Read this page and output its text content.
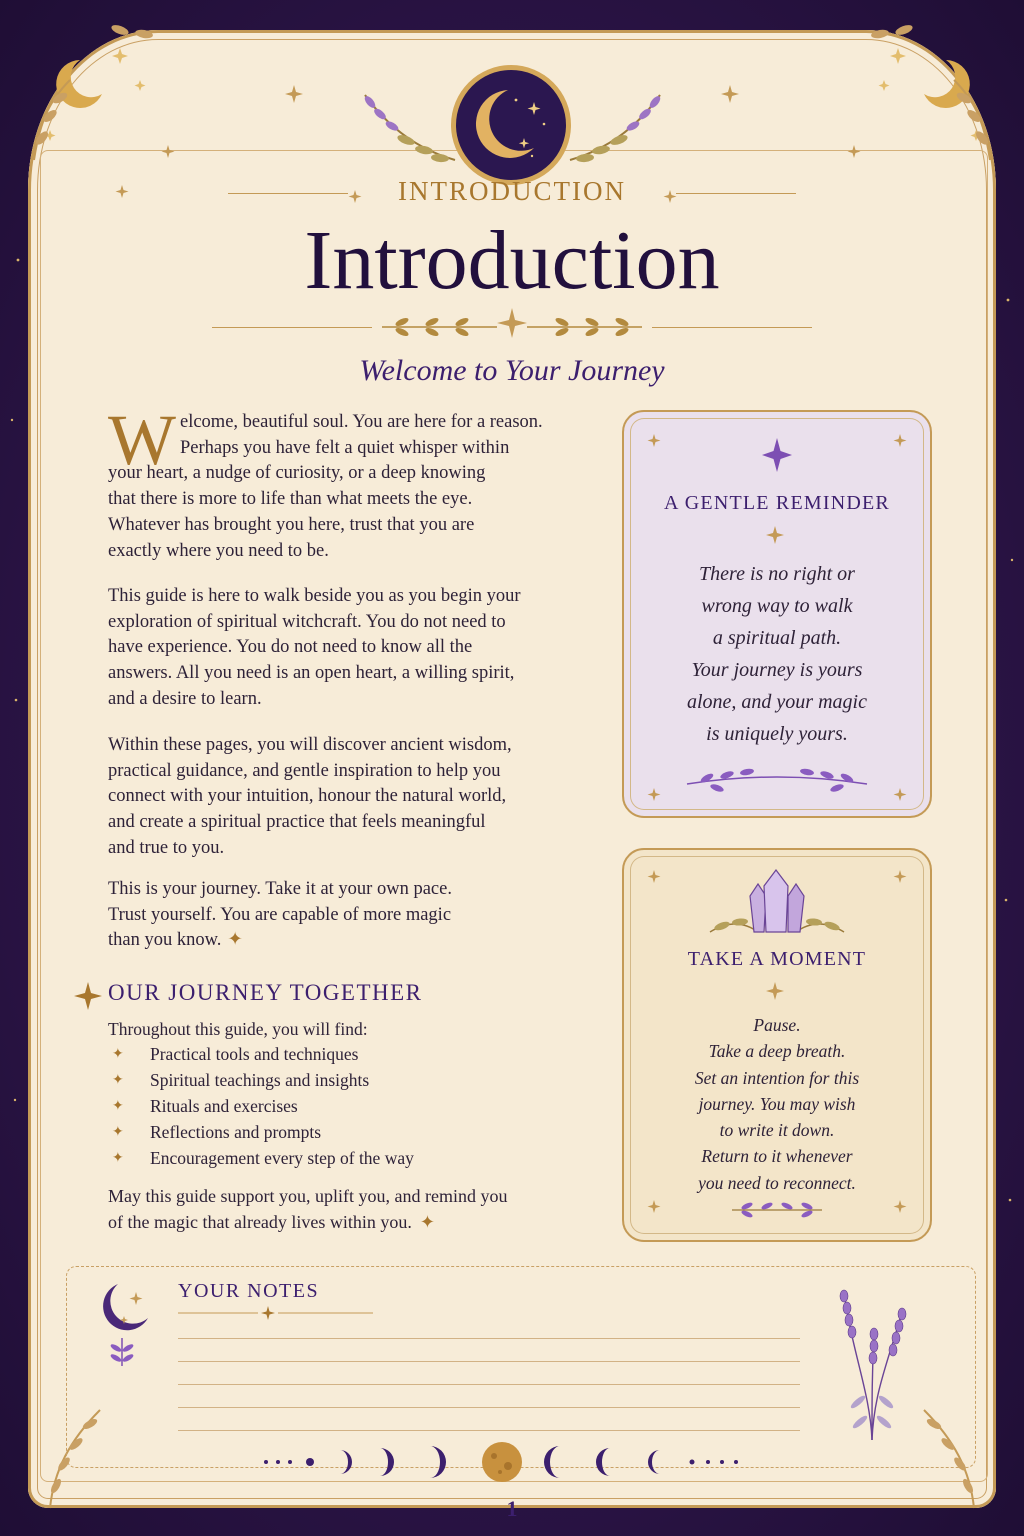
INTRODUCTION
Introduction
Welcome to Your Journey
W elcome, beautiful soul. You are here for a reason.

Perhaps you have felt a quiet whisper within

your heart, a nudge of curiosity, or a deep knowing

that there is more to life than what meets the eye.

Whatever has brought you here, trust that you are

exactly where you need to be.

This guide is here to walk beside you as you begin your

exploration of spiritual witchcraft. You do not need to

have experience. You do not need to know all the

answers. All you need is an open heart, a willing spirit,

and a desire to learn.

Within these pages, you will discover ancient wisdom,

practical guidance, and gentle inspiration to help you

connect with your intuition, honour the natural world,

and create a spiritual practice that feels meaningful

and true to you.

This is your journey. Take it at your own pace.

Trust yourself. You are capable of more magic

than you know. ✦

OUR JOURNEY TOGETHER
Throughout this guide, you will find:
✦ Practical tools and techniques
✦ Spiritual teachings and insights
✦ Rituals and exercises
✦ Reflections and prompts
✦ Encouragement every step of the way

May this guide support you, uplift you, and remind you

of the magic that already lives within you. ✦

A GENTLE REMINDER
There is no right or
wrong way to walk
a spiritual path.
Your journey is yours
alone, and your magic
is uniquely yours.
TAKE A MOMENT
Pause.
Take a deep breath.
Set an intention for this
journey. You may wish
to write it down.
Return to it whenever
you need to reconnect.
YOUR NOTES
1
